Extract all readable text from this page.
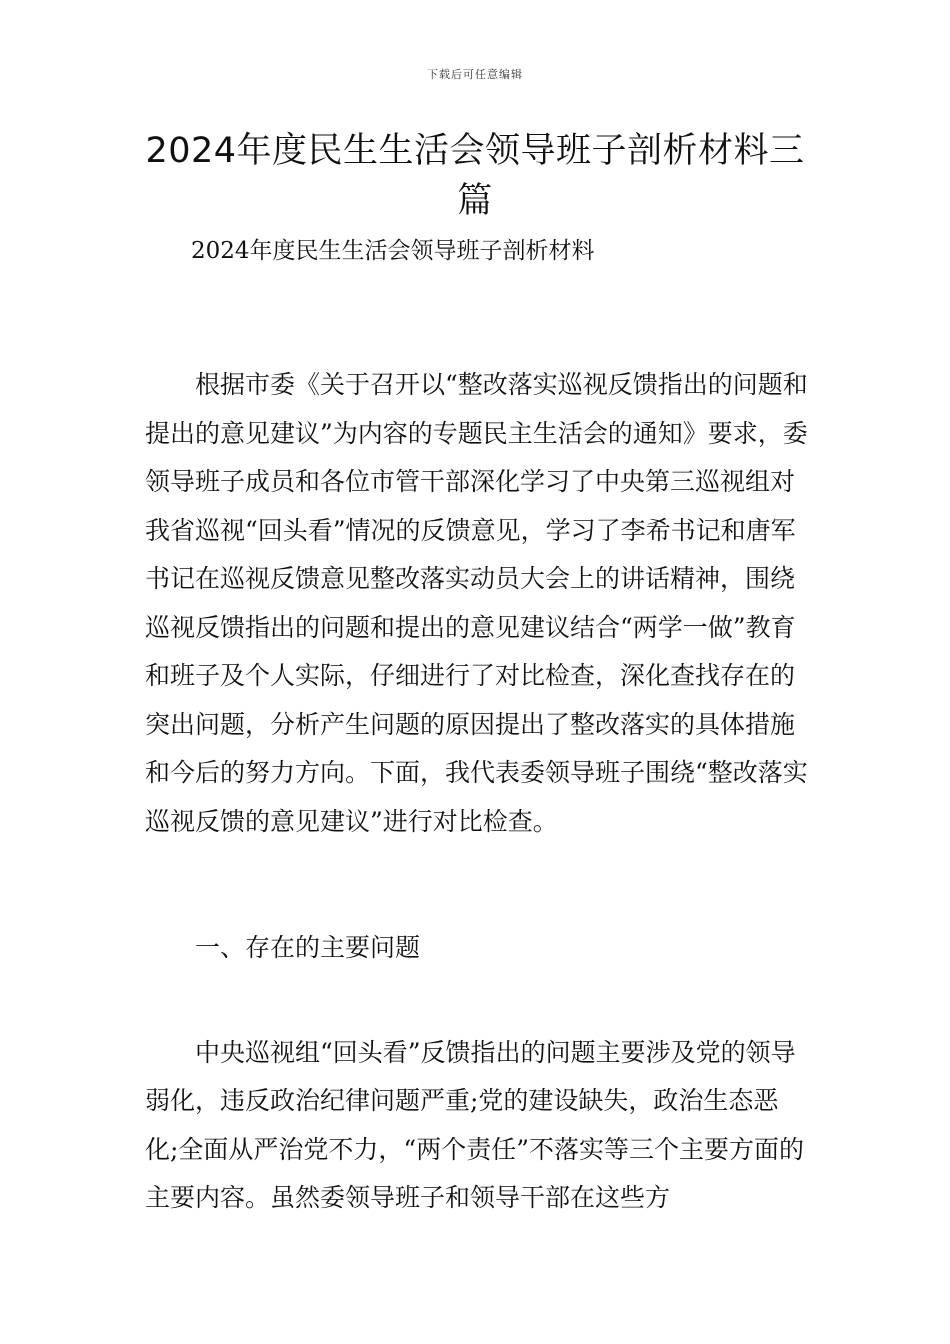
下载后可任意编辑
2024年度民生生活会领导班子剖析材料三篇

2024年度民生生活会领导班子剖析材料

根据市委《关于召开以“整改落实巡视反馈指出的问题和提出的意见建议”为内容的专题民主生活会的通知》要求，委领导班子成员和各位市管干部深化学习了中央第三巡视组对我省巡视“回头看”情况的反馈意见，学习了李希书记和唐军书记在巡视反馈意见整改落实动员大会上的讲话精神，围绕巡视反馈指出的问题和提出的意见建议结合“两学一做”教育和班子及个人实际，仔细进行了对比检查，深化查找存在的突出问题，分析产生问题的原因提出了整改落实的具体措施和今后的努力方向。下面，我代表委领导班子围绕“整改落实巡视反馈的意见建议”进行对比检查。

一、存在的主要问题

中央巡视组“回头看”反馈指出的问题主要涉及党的领导弱化，违反政治纪律问题严重;党的建设缺失，政治生态恶化;全面从严治党不力，“两个责任”不落实等三个主要方面的主要内容。虽然委领导班子和领导干部在这些方
